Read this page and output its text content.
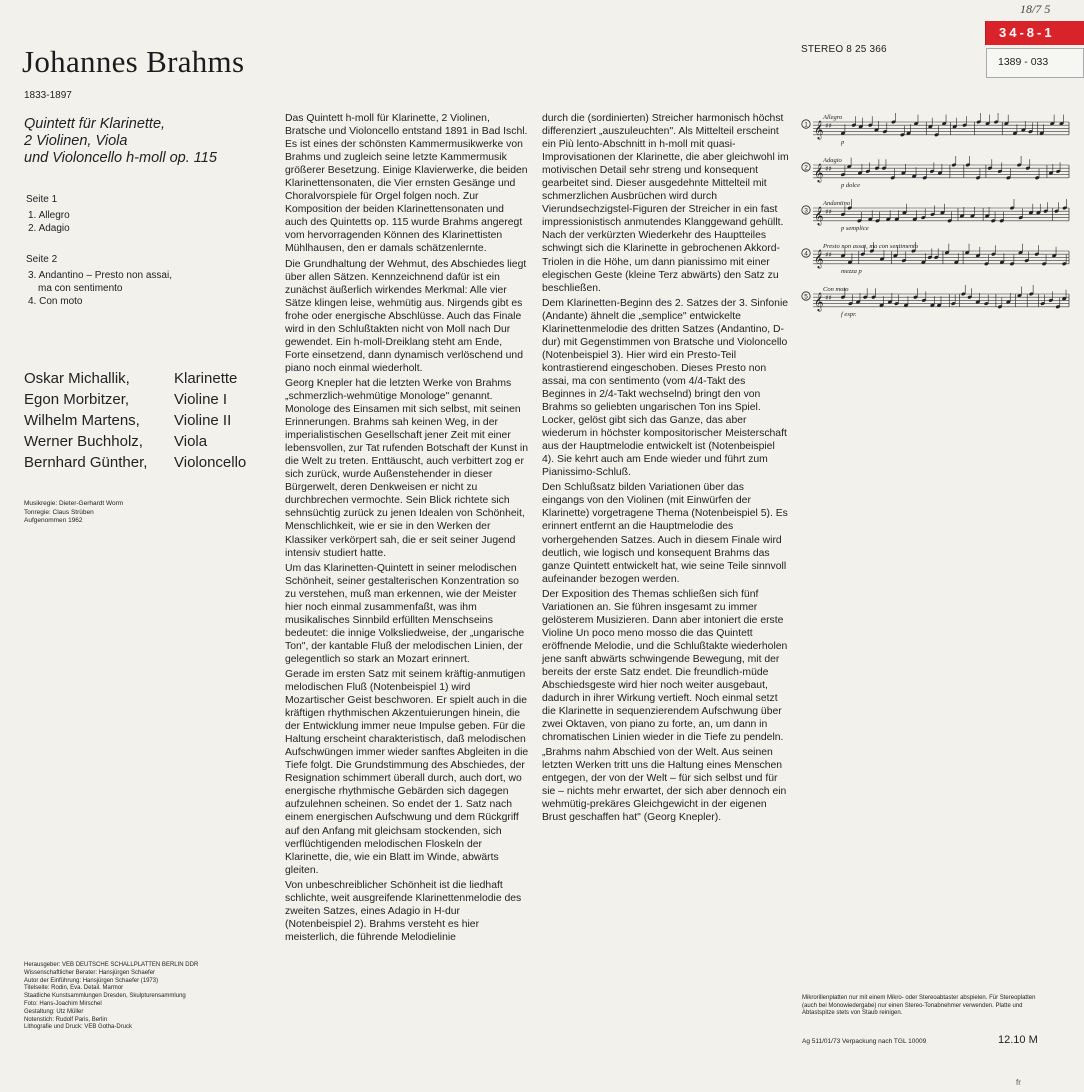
Johannes Brahms
1833-1897
Quintett für Klarinette,
2 Violinen, Viola
und Violoncello h-moll op. 115
Seite 1
1. Allegro
2. Adagio
Seite 2
3. Andantino – Presto non assai,
ma con sentimento
4. Con moto
Oskar Michallik,	Klarinette
Egon Morbitzer,	Violine I
Wilhelm Martens,	Violine II
Werner Buchholz,	Viola
Bernhard Günther,	Violoncello
Musikregie: Dieter-Gerhardt Worm
Tonregie: Claus Strüben
Aufgenommen 1962
Herausgeber: VEB DEUTSCHE SCHALLPLATTEN BERLIN DDR
Wissenschaftlicher Berater: Hansjürgen Schaefer
Autor der Einführung: Hansjürgen Schaefer (1973)
Titelseite: Rodin, Eva. Detail. Marmor
Staatliche Kunstsammlungen Dresden, Skulpturensammlung
Foto: Hans-Joachim Mirschel
Gestaltung: Utz Müller
Notenstich: Rudolf Paris, Berlin
Lithografie und Druck: VEB Gotha-Druck

Das Quintett h-moll für Klarinette, 2 Violinen, Bratsche und Violoncello entstand 1891 in Bad Ischl. Es ist eines der schönsten Kammermusikwerke von Brahms und zugleich seine letzte Kammermusik größerer Besetzung. Einige Klavierwerke, die beiden Klarinettensonaten, die Vier ernsten Gesänge und Choralvorspiele für Orgel folgen noch. Zur Komposition der beiden Klarinettensonaten und auch des Quintetts op. 115 wurde Brahms angeregt vom hervorragenden Können des Klarinettisten Mühlhausen, den er damals schätzenlernte.

Die Grundhaltung der Wehmut, des Abschiedes liegt über allen Sätzen. Kennzeichnend dafür ist ein zunächst äußerlich wirkendes Merkmal: Alle vier Sätze klingen leise, wehmütig aus. Nirgends gibt es frohe oder energische Abschlüsse. Auch das Finale wird in den Schlußtakten nicht von Moll nach Dur gewendet. Ein h-moll-Dreiklang steht am Ende, Forte einsetzend, dann dynamisch verlöschend und piano noch einmal wiederholt.

Georg Knepler hat die letzten Werke von Brahms „schmerzlich-wehmütige Monologe" genannt. Monologe des Einsamen mit sich selbst, mit seinen Erinnerungen. Brahms sah keinen Weg, in der imperialistischen Gesellschaft jener Zeit mit einer lebensvollen, zur Tat rufenden Botschaft der Kunst in die Welt zu treten. Enttäuscht, auch verbittert zog er sich zurück, wurde Außenstehender in dieser Bürgerwelt, deren Denkweisen er nicht zu durchbrechen vermochte. Sein Blick richtete sich sehnsüchtig zurück zu jenen Idealen von Schönheit, Menschlichkeit, wie er sie in den Werken der Klassiker verkörpert sah, die er seit seiner Jugend intensiv studiert hatte.

Um das Klarinetten-Quintett in seiner melodischen Schönheit, seiner gestalterischen Konzentration so zu verstehen, muß man erkennen, wie der Meister hier noch einmal zusammenfaßt, was ihm musikalisches Sinnbild erfüllten Menschseins bedeutet: die innige Volksliedweise, der „ungarische Ton", der kantable Fluß der melodischen Linien, der gelegentlich so stark an Mozart erinnert.

Gerade im ersten Satz mit seinem kräftig-anmutigen melodischen Fluß (Notenbeispiel 1) wird Mozartischer Geist beschworen. Er spielt auch in die kräftigen rhythmischen Akzentuierungen hinein, die der Entwicklung immer neue Impulse geben. Für die Haltung erscheint charakteristisch, daß melodischen Aufschwüngen immer wieder sanftes Abgleiten in die Tiefe folgt. Die Grundstimmung des Abschiedes, der Resignation schimmert überall durch, auch dort, wo energische rhythmische Gebärden sich dagegen aufzulehnen scheinen. So endet der 1. Satz nach einem energischen Aufschwung und dem Rückgriff auf den Anfang mit gleichsam stockenden, sich verflüchtigenden melodischen Floskeln der Klarinette, die, wie ein Blatt im Winde, abwärts gleiten.

Von unbeschreiblicher Schönheit ist die liedhaft schlichte, weit ausgreifende Klarinettenmelodie des zweiten Satzes, eines Adagio in H-dur (Notenbeispiel 2). Brahms versteht es hier meisterlich, die führende Melodielinie

durch die (sordinierten) Streicher harmonisch höchst differenziert „auszuleuchten". Als Mittelteil erscheint ein Più lento-Abschnitt in h-moll mit quasi-Improvisationen der Klarinette, die aber gleichwohl im motivischen Detail sehr streng und konsequent gearbeitet sind. Dieser ausgedehnte Mittelteil mit schmerzlichen Ausbrüchen wird durch Vierundsechzigstel-Figuren der Streicher in ein fast impressionistisch anmutendes Klanggewand gehüllt. Nach der verkürzten Wiederkehr des Hauptteiles schwingt sich die Klarinette in gebrochenen Akkord-Triolen in die Höhe, um dann pianissimo mit einer elegischen Geste (kleine Terz abwärts) den Satz zu beschließen.

Dem Klarinetten-Beginn des 2. Satzes der 3. Sinfonie (Andante) ähnelt die „semplice" entwickelte Klarinettenmelodie des dritten Satzes (Andantino, D-dur) mit Gegenstimmen von Bratsche und Violoncello (Notenbeispiel 3). Hier wird ein Presto-Teil kontrastierend eingeschoben. Dieses Presto non assai, ma con sentimento (vom 4/4-Takt des Beginnes in 2/4-Takt wechselnd) bringt den von Brahms so geliebten ungarischen Ton ins Spiel. Locker, gelöst gibt sich das Ganze, das aber wiederum in höchster kompositorischer Meisterschaft aus der Hauptmelodie entwickelt ist (Notenbeispiel 4). Sie kehrt auch am Ende wieder und führt zum Pianissimo-Schluß.

Den Schlußsatz bilden Variationen über das eingangs von den Violinen (mit Einwürfen der Klarinette) vorgetragene Thema (Notenbeispiel 5). Es erinnert entfernt an die Hauptmelodie des vorhergehenden Satzes. Auch in diesem Finale wird deutlich, wie logisch und konsequent Brahms das ganze Quintett entwickelt hat, wie seine Teile sinnvoll aufeinander bezogen werden.

Der Exposition des Themas schließen sich fünf Variationen an. Sie führen insgesamt zu immer gelösterem Musizieren. Dann aber intoniert die erste Violine Un poco meno mosso die das Quintett eröffnende Melodie, und die Schlußtakte wiederholen jene sanft abwärts schwingende Bewegung, mit der bereits der erste Satz endet. Die freundlich-müde Abschiedsgeste wird hier noch weiter ausgebaut, dadurch in ihrer Wirkung vertieft. Noch einmal setzt die Klarinette in sequenzierendem Aufschwung über zwei Oktaven, von piano zu forte, an, um dann in chromatischen Linien wieder in die Tiefe zu pendeln.

„Brahms nahm Abschied von der Welt. Aus seinen letzten Werken tritt uns die Haltung eines Menschen entgegen, der von der Welt – für sich selbst und für sie – nichts mehr erwartet, der sich aber dennoch ein wehmütig-prekäres Gleichgewicht in der eigenen Brust geschaffen hat" (Georg Knepler).

18/7 5
34-8-1
STEREO 8 25 366
1389 - 033
1
Allegro
𝄞 ♯♯
p
2
Adagio
𝄞 ♯♯
p dolce
3
Andantino
𝄞 ♯♯
p semplice
4
Presto non assai, ma con sentimento
𝄞 ♯♯
mezza p
5
Con moto
𝄞 ♯♯
f espr.
Mikrorillenplatten nur mit einem Mikro- oder Stereoabtaster abspielen. Für Stereoplatten (auch bei Monowiedergabe) nur einen Stereo-Tonabnehmer verwenden. Platte und Abtastspitze stets von Staub reinigen.
Ag 511/01/73 Verpackung nach TGL 10009	12.10 M
fr
